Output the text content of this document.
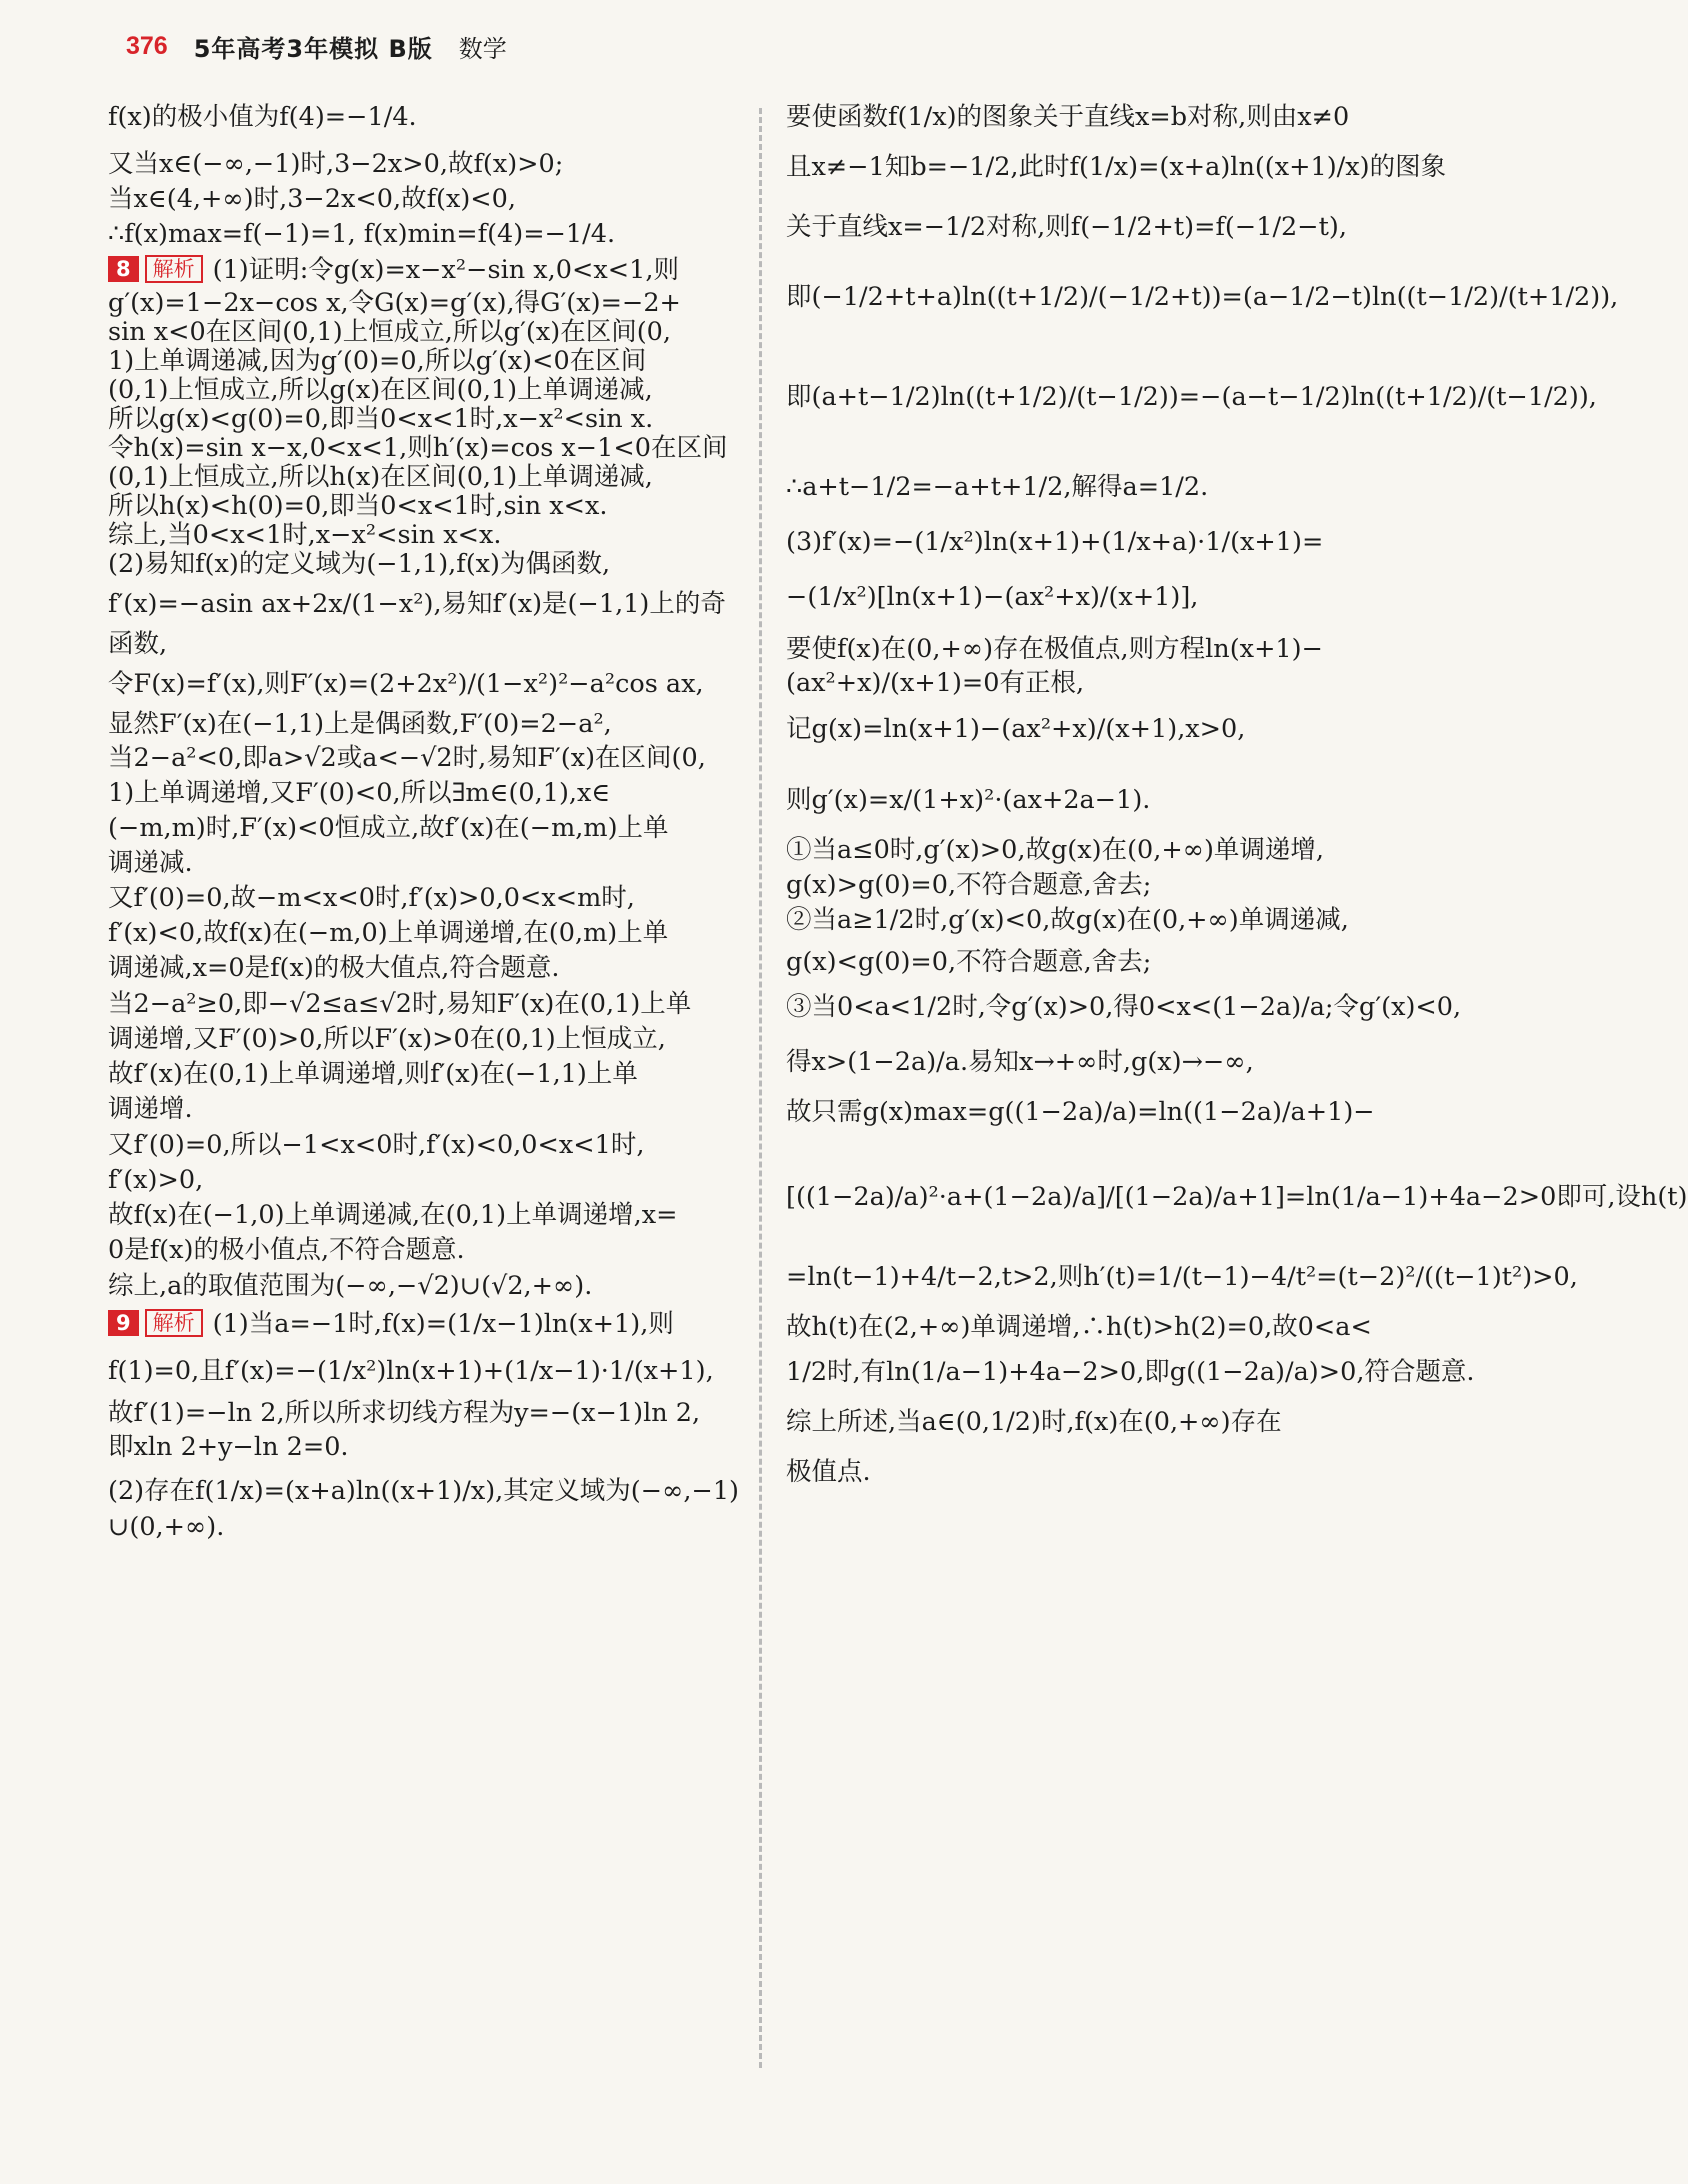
376 5年高考3年模拟 B版 数学
f(x)的极小值为f(4)=−1/4.
又当x∈(−∞,−1)时,3−2x>0,故f(x)>0;
当x∈(4,+∞)时,3−2x<0,故f(x)<0,
∴f(x)max=f(−1)=1, f(x)min=f(4)=−1/4.
8 解析 (1)证明:令g(x)=x−x²−sin x,0<x<1,则
g′(x)=1−2x−cos x,令G(x)=g′(x),得G′(x)=−2+
sin x<0在区间(0,1)上恒成立,所以g′(x)在区间(0,
1)上单调递减,因为g′(0)=0,所以g′(x)<0在区间
(0,1)上恒成立,所以g(x)在区间(0,1)上单调递减,
所以g(x)<g(0)=0,即当0<x<1时,x−x²<sin x.
令h(x)=sin x−x,0<x<1,则h′(x)=cos x−1<0在区间
(0,1)上恒成立,所以h(x)在区间(0,1)上单调递减,
所以h(x)<h(0)=0,即当0<x<1时,sin x<x.
综上,当0<x<1时,x−x²<sin x<x.
(2)易知f(x)的定义域为(−1,1),f(x)为偶函数,
f′(x)=−asin ax+2x/(1−x²),易知f′(x)是(−1,1)上的奇
函数,
令F(x)=f′(x),则F′(x)=(2+2x²)/(1−x²)²−a²cos ax,
显然F′(x)在(−1,1)上是偶函数,F′(0)=2−a²,
当2−a²<0,即a>√2或a<−√2时,易知F′(x)在区间(0,
1)上单调递增,又F′(0)<0,所以∃m∈(0,1),x∈
(−m,m)时,F′(x)<0恒成立,故f′(x)在(−m,m)上单
调递减.
又f′(0)=0,故−m<x<0时,f′(x)>0,0<x<m时,
f′(x)<0,故f(x)在(−m,0)上单调递增,在(0,m)上单
调递减,x=0是f(x)的极大值点,符合题意.
当2−a²≥0,即−√2≤a≤√2时,易知F′(x)在(0,1)上单
调递增,又F′(0)>0,所以F′(x)>0在(0,1)上恒成立,
故f′(x)在(0,1)上单调递增,则f′(x)在(−1,1)上单
调递增.
又f′(0)=0,所以−1<x<0时,f′(x)<0,0<x<1时,
f′(x)>0,
故f(x)在(−1,0)上单调递减,在(0,1)上单调递增,x=
0是f(x)的极小值点,不符合题意.
综上,a的取值范围为(−∞,−√2)∪(√2,+∞).
9 解析 (1)当a=−1时,f(x)=(1/x−1)ln(x+1),则
f(1)=0,且f′(x)=−(1/x²)ln(x+1)+(1/x−1)·1/(x+1),
故f′(1)=−ln 2,所以所求切线方程为y=−(x−1)ln 2,
即xln 2+y−ln 2=0.
(2)存在f(1/x)=(x+a)ln((x+1)/x),其定义域为(−∞,−1)
∪(0,+∞).
要使函数f(1/x)的图象关于直线x=b对称,则由x≠0
且x≠−1知b=−1/2,此时f(1/x)=(x+a)ln((x+1)/x)的图象
关于直线x=−1/2对称,则f(−1/2+t)=f(−1/2−t),
即(−1/2+t+a)ln((t+1/2)/(−1/2+t))=(a−1/2−t)ln((t−1/2)/(t+1/2)),
即(a+t−1/2)ln((t+1/2)/(t−1/2))=−(a−t−1/2)ln((t+1/2)/(t−1/2)),
∴a+t−1/2=−a+t+1/2,解得a=1/2.
(3)f′(x)=−(1/x²)ln(x+1)+(1/x+a)·1/(x+1)=
−(1/x²)[ln(x+1)−(ax²+x)/(x+1)],
要使f(x)在(0,+∞)存在极值点,则方程ln(x+1)−
(ax²+x)/(x+1)=0有正根,
记g(x)=ln(x+1)−(ax²+x)/(x+1),x>0,
则g′(x)=x/(1+x)²·(ax+2a−1).
①当a≤0时,g′(x)>0,故g(x)在(0,+∞)单调递增,
g(x)>g(0)=0,不符合题意,舍去;
②当a≥1/2时,g′(x)<0,故g(x)在(0,+∞)单调递减,
g(x)<g(0)=0,不符合题意,舍去;
③当0<a<1/2时,令g′(x)>0,得0<x<(1−2a)/a;令g′(x)<0,
得x>(1−2a)/a.易知x→+∞时,g(x)→−∞,
故只需g(x)max=g((1−2a)/a)=ln((1−2a)/a+1)−
[((1−2a)/a)²·a+(1−2a)/a]/[(1−2a)/a+1]=ln(1/a−1)+4a−2>0即可,设h(t)
=ln(t−1)+4/t−2,t>2,则h′(t)=1/(t−1)−4/t²=(t−2)²/((t−1)t²)>0,
故h(t)在(2,+∞)单调递增,∴h(t)>h(2)=0,故0<a<
1/2时,有ln(1/a−1)+4a−2>0,即g((1−2a)/a)>0,符合题意.
综上所述,当a∈(0,1/2)时,f(x)在(0,+∞)存在
极值点.
